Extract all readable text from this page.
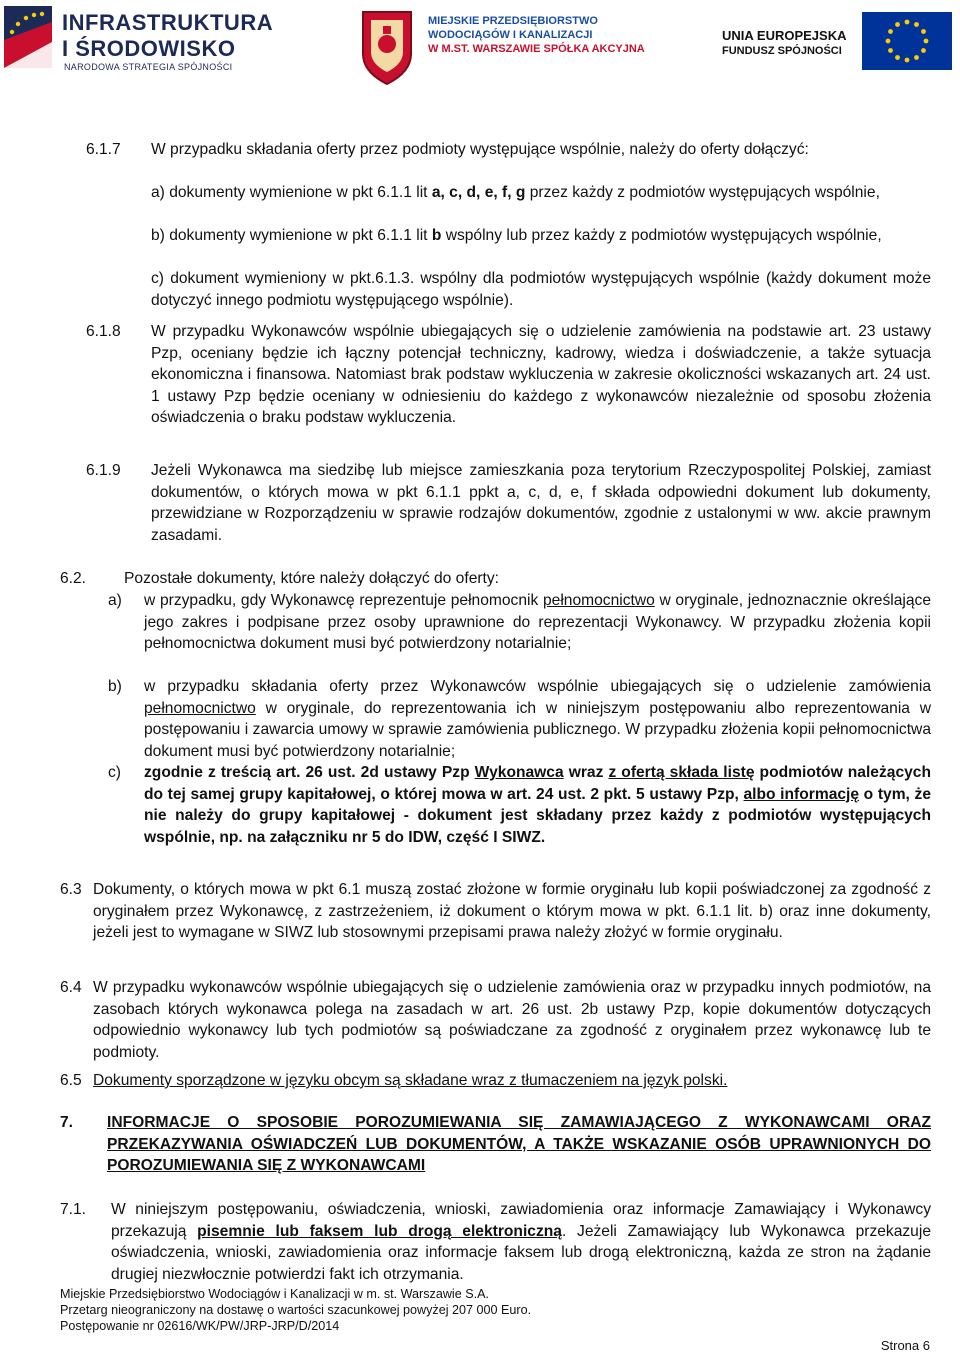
INFRASTRUKTURA
I ŚRODOWISKO
NARODOWA STRATEGIA SPÓJNOŚCI
MIEJSKIE PRZEDSIĘBIORSTWO
WODOCIĄGÓW I KANALIZACJI
W M.ST. WARSZAWIE SPÓŁKA AKCYJNA
UNIA EUROPEJSKA
FUNDUSZ SPÓJNOŚCI
6.1.7 W przypadku składania oferty przez podmioty występujące wspólnie, należy do oferty dołączyć:
a) dokumenty wymienione w pkt 6.1.1 lit a, c, d, e, f, g przez każdy z podmiotów występujących wspólnie,
b) dokumenty wymienione w pkt 6.1.1 lit b wspólny lub przez każdy z podmiotów występujących wspólnie,
c) dokument wymieniony w pkt.6.1.3. wspólny dla podmiotów występujących wspólnie (każdy dokument może dotyczyć innego podmiotu występującego wspólnie).
6.1.8 W przypadku Wykonawców wspólnie ubiegających się o udzielenie zamówienia na podstawie art. 23 ustawy Pzp, oceniany będzie ich łączny potencjał techniczny, kadrowy, wiedza i doświadczenie, a także sytuacja ekonomiczna i finansowa. Natomiast brak podstaw wykluczenia w zakresie okoliczności wskazanych art. 24 ust. 1 ustawy Pzp będzie oceniany w odniesieniu do każdego z wykonawców niezależnie od sposobu złożenia oświadczenia o braku podstaw wykluczenia.
6.1.9 Jeżeli Wykonawca ma siedzibę lub miejsce zamieszkania poza terytorium Rzeczypospolitej Polskiej, zamiast dokumentów, o których mowa w pkt 6.1.1 ppkt a, c, d, e, f składa odpowiedni dokument lub dokumenty, przewidziane w Rozporządzeniu w sprawie rodzajów dokumentów, zgodnie z ustalonymi w ww. akcie prawnym zasadami.
6.2. Pozostałe dokumenty, które należy dołączyć do oferty:
a) w przypadku, gdy Wykonawcę reprezentuje pełnomocnik pełnomocnictwo w oryginale, jednoznacznie określające jego zakres i podpisane przez osoby uprawnione do reprezentacji Wykonawcy. W przypadku złożenia kopii pełnomocnictwa dokument musi być potwierdzony notarialnie;
b) w przypadku składania oferty przez Wykonawców wspólnie ubiegających się o udzielenie zamówienia pełnomocnictwo w oryginale, do reprezentowania ich w niniejszym postępowaniu albo reprezentowania w postępowaniu i zawarcia umowy w sprawie zamówienia publicznego. W przypadku złożenia kopii pełnomocnictwa dokument musi być potwierdzony notarialnie;
c) zgodnie z treścią art. 26 ust. 2d ustawy Pzp Wykonawca wraz z ofertą składa listę podmiotów należących do tej samej grupy kapitałowej, o której mowa w art. 24 ust. 2 pkt. 5 ustawy Pzp, albo informację o tym, że nie należy do grupy kapitałowej - dokument jest składany przez każdy z podmiotów występujących wspólnie, np. na załączniku nr 5 do IDW, część I SIWZ.
6.3 Dokumenty, o których mowa w pkt 6.1 muszą zostać złożone w formie oryginału lub kopii poświadczonej za zgodność z oryginałem przez Wykonawcę, z zastrzeżeniem, iż dokument o którym mowa w pkt. 6.1.1 lit. b) oraz inne dokumenty, jeżeli jest to wymagane w SIWZ lub stosownymi przepisami prawa należy złożyć w formie oryginału.
6.4 W przypadku wykonawców wspólnie ubiegających się o udzielenie zamówienia oraz w przypadku innych podmiotów, na zasobach których wykonawca polega na zasadach w art. 26 ust. 2b ustawy Pzp, kopie dokumentów dotyczących odpowiednio wykonawcy lub tych podmiotów są poświadczane za zgodność z oryginałem przez wykonawcę lub te podmioty.
6.5 Dokumenty sporządzone w języku obcym są składane wraz z tłumaczeniem na język polski.
7. INFORMACJE O SPOSOBIE POROZUMIEWANIA SIĘ ZAMAWIAJĄCEGO Z WYKONAWCAMI ORAZ PRZEKAZYWANIA OŚWIADCZEŃ LUB DOKUMENTÓW, A TAKŻE WSKAZANIE OSÓB UPRAWNIONYCH DO POROZUMIEWANIA SIĘ Z WYKONAWCAMI
7.1. W niniejszym postępowaniu, oświadczenia, wnioski, zawiadomienia oraz informacje Zamawiający i Wykonawcy przekazują pisemnie lub faksem lub drogą elektroniczną. Jeżeli Zamawiający lub Wykonawca przekazuje oświadczenia, wnioski, zawiadomienia oraz informacje faksem lub drogą elektroniczną, każda ze stron na żądanie drugiej niezwłocznie potwierdzi fakt ich otrzymania.
Miejskie Przedsiębiorstwo Wodociągów i Kanalizacji w m. st. Warszawie S.A.
Przetarg nieograniczony na dostawę o wartości szacunkowej powyżej 207 000 Euro.
Postępowanie nr 02616/WK/PW/JRP-JRP/D/2014
Strona 6
